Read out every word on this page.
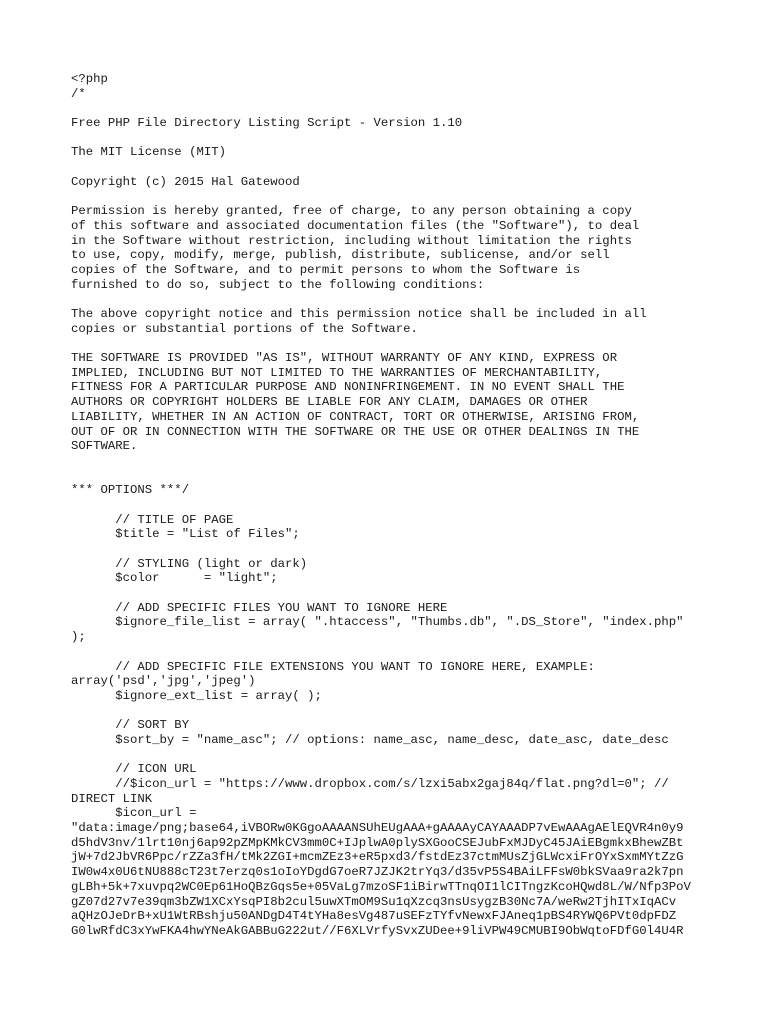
<?php
/*
Free PHP File Directory Listing Script - Version 1.10
The MIT License (MIT)
Copyright (c) 2015 Hal Gatewood
Permission is hereby granted, free of charge, to any person obtaining a copy
of this software and associated documentation files (the "Software"), to deal
in the Software without restriction, including without limitation the rights
to use, copy, modify, merge, publish, distribute, sublicense, and/or sell
copies of the Software, and to permit persons to whom the Software is
furnished to do so, subject to the following conditions:
The above copyright notice and this permission notice shall be included in all
copies or substantial portions of the Software.
THE SOFTWARE IS PROVIDED "AS IS", WITHOUT WARRANTY OF ANY KIND, EXPRESS OR
IMPLIED, INCLUDING BUT NOT LIMITED TO THE WARRANTIES OF MERCHANTABILITY,
FITNESS FOR A PARTICULAR PURPOSE AND NONINFRINGEMENT. IN NO EVENT SHALL THE
AUTHORS OR COPYRIGHT HOLDERS BE LIABLE FOR ANY CLAIM, DAMAGES OR OTHER
LIABILITY, WHETHER IN AN ACTION OF CONTRACT, TORT OR OTHERWISE, ARISING FROM,
OUT OF OR IN CONNECTION WITH THE SOFTWARE OR THE USE OR OTHER DEALINGS IN THE
SOFTWARE.
*** OPTIONS ***/
// TITLE OF PAGE
$title = "List of Files";
// STYLING (light or dark)
$color      = "light";
// ADD SPECIFIC FILES YOU WANT TO IGNORE HERE
$ignore_file_list = array( ".htaccess", "Thumbs.db", ".DS_Store", "index.php"
);
// ADD SPECIFIC FILE EXTENSIONS YOU WANT TO IGNORE HERE, EXAMPLE:
array('psd','jpg','jpeg')
$ignore_ext_list = array( );
// SORT BY
$sort_by = "name_asc"; // options: name_asc, name_desc, date_asc, date_desc
// ICON URL
//$icon_url = "https://www.dropbox.com/s/lzxi5abx2gaj84q/flat.png?dl=0"; //
DIRECT LINK
$icon_url =
"data:image/png;base64,iVBORw0KGgoAAAANSUhEUgAAA+gAAAAyCAYAAADP7vEwAAAgAElEQVR4n0y9
d5hdV3nv/1lrt10nj6ap92pZMpKMkCV3mm0C+IJplwA0plySXGooCSEJubFxMJDyC45JAiEBgmkxBhewZBt
jW+7d2JbVR6Ppc/rZZa3fH/tMk2ZGI+mcmZEz3+eR5pxd3/fstdEz37ctmMUsZjGLWcxiFrOYxSxmMYtZzG
IW0w4x0U6tNU888cT23t7erzq0s1oIoYDgdG7oeR7JZJK2trYq3/d35vP5S4BAiLFFsW0bkSVaa9ra2k7pn
gLBh+5k+7xuvpq2WC0Ep61HoQBzGqs5e+05VaLg7mzoSF1iBirwTTnqOI1lCITngzKcoHQwd8L/W/Nfp3PoV
gZ07d27v7e39qm3bZW1XCxYsqPI8b2cul5uwXTmOM9Su1qXzcq3nsUsygzB30Nc7A/weRw2TjhITxIqACv
aQHzOJeDrB+xU1WtRBshju50ANDgD4T4tYHa8esVg487uSEFzTYfvNewxFJAneq1pBS4RYWQ6PVt0dpFDZ
G0lwRfdC3xYwFKA4hwYNeAkGABBuG222ut//F6XLVrfySvxZUDee+9liVPW49CMUBI9ObWqtoFDfG0l4U4R
